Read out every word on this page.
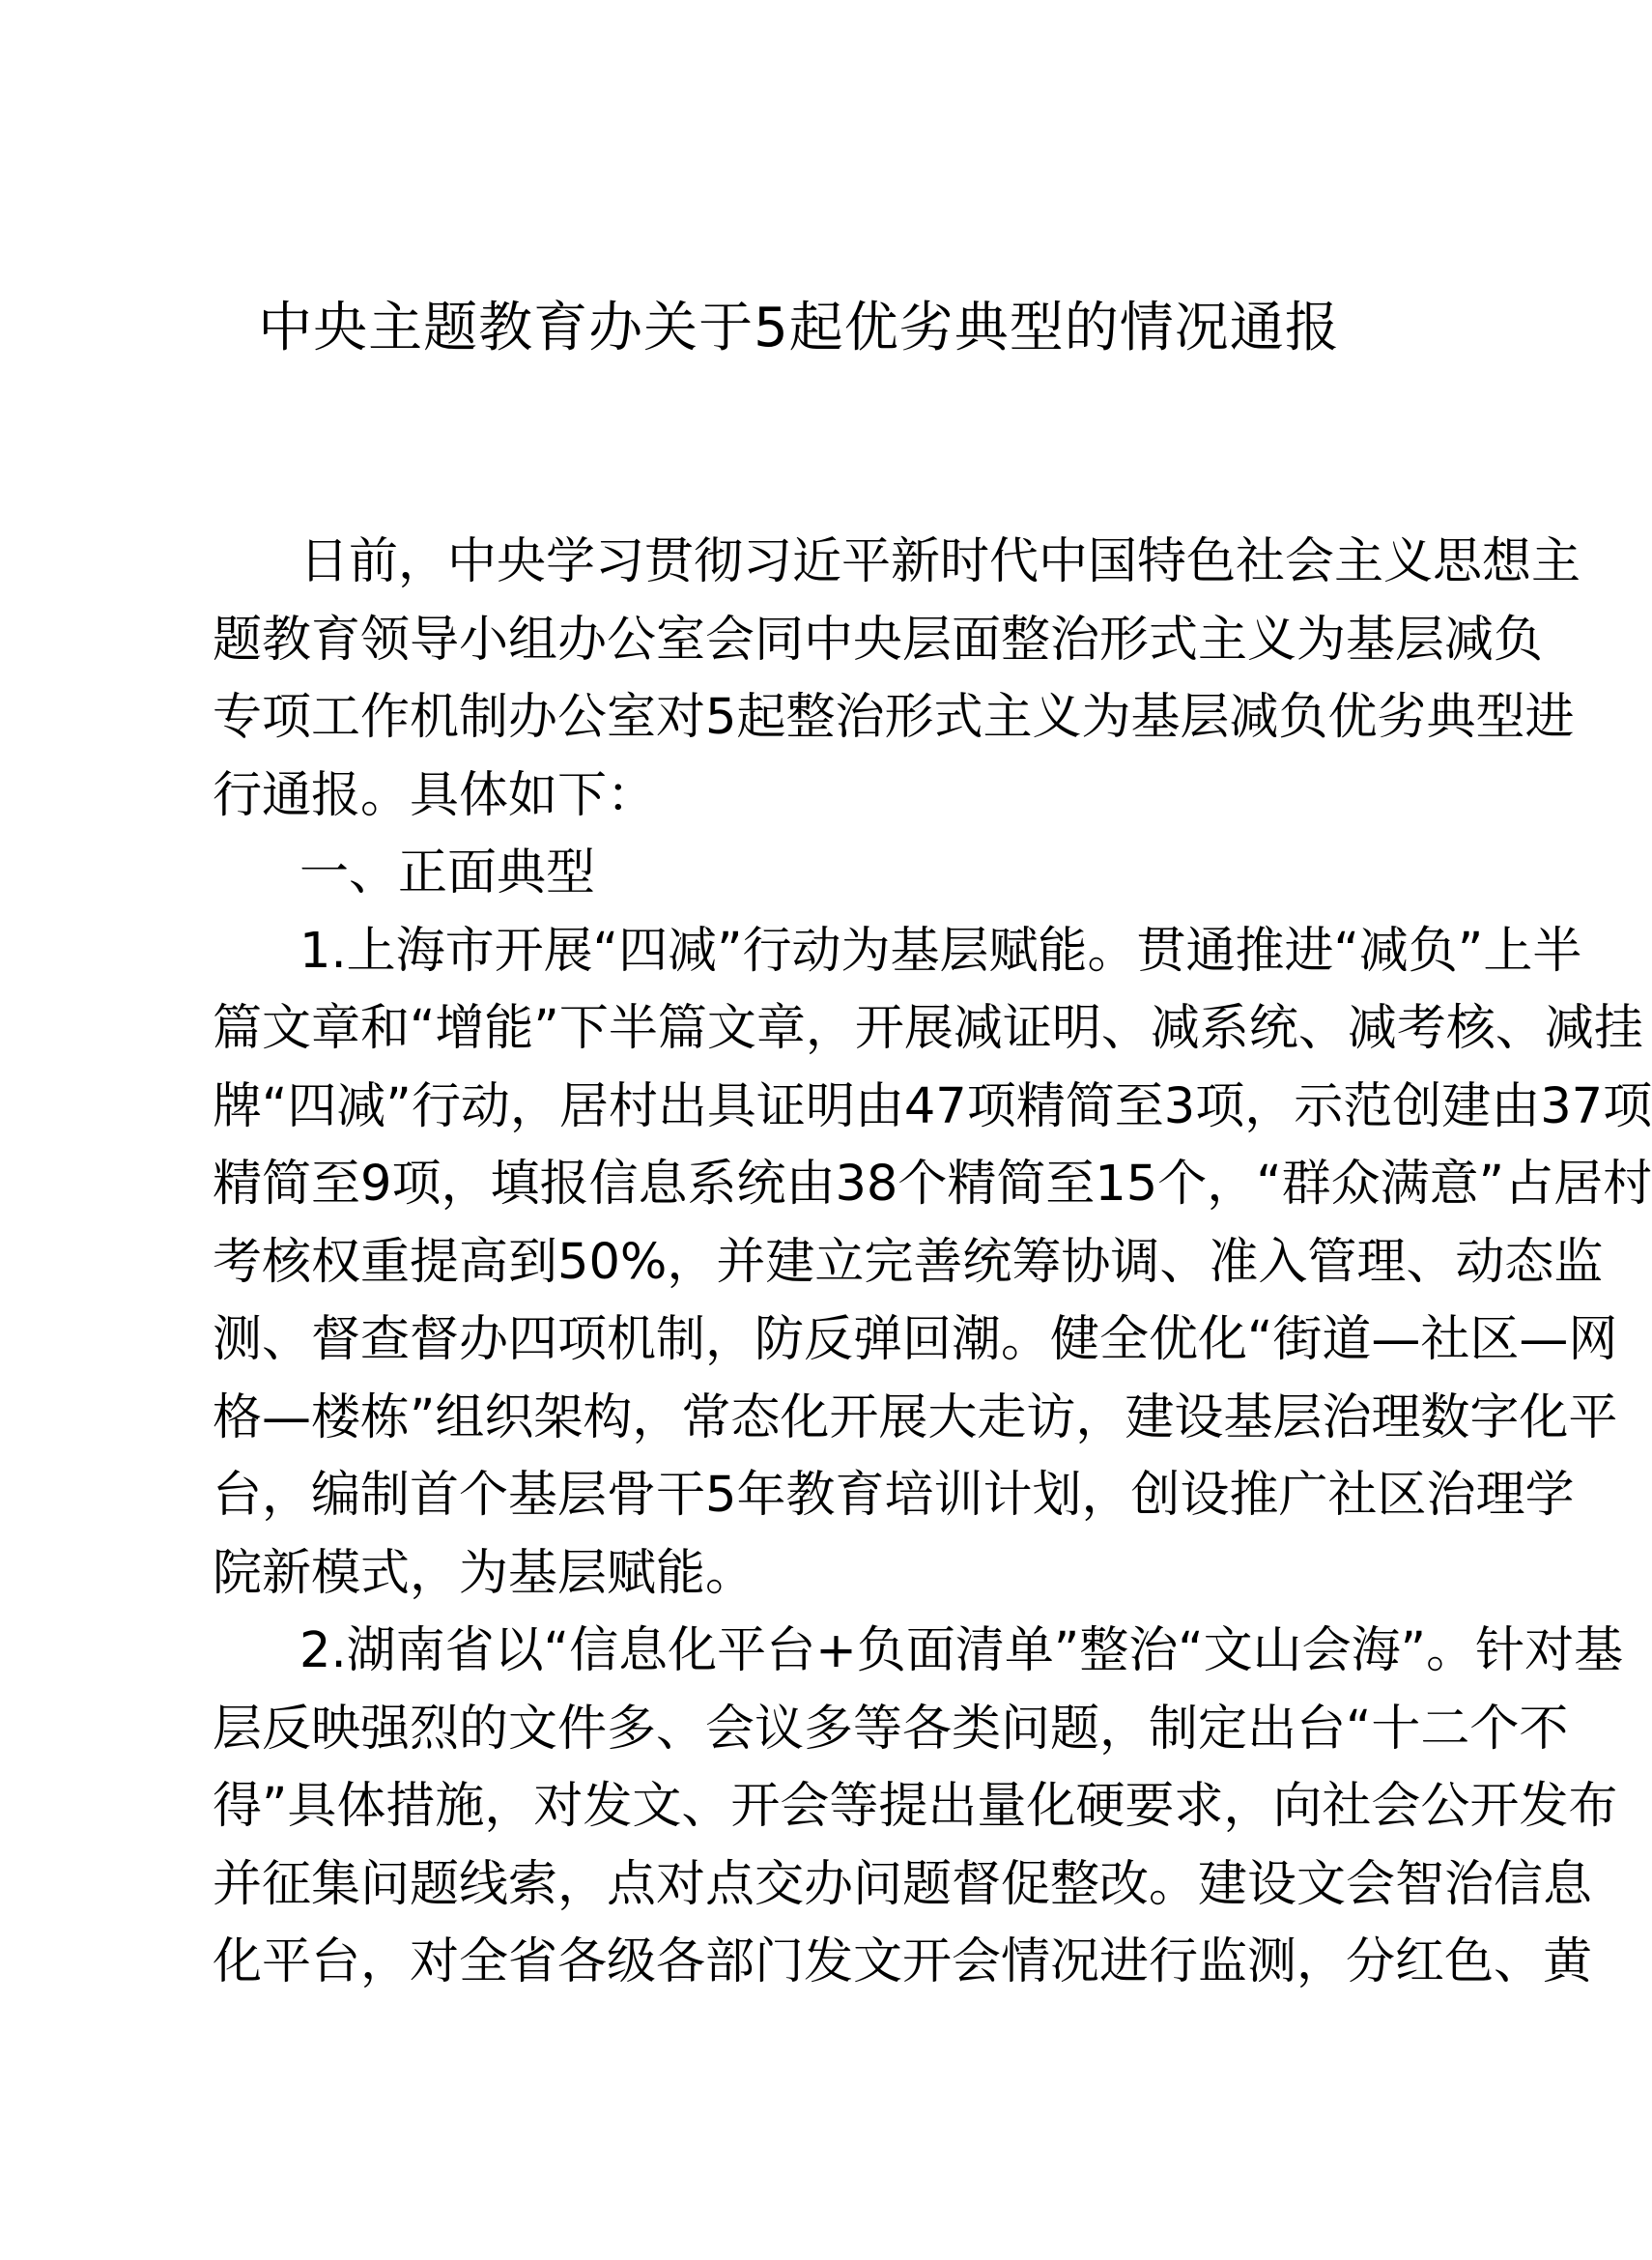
中央主题教育办关于5起优劣典型的情况通报
日前，中央学习贯彻习近平新时代中国特色社会主义思想主
题教育领导小组办公室会同中央层面整治形式主义为基层减负
专项工作机制办公室对5起整治形式主义为基层减负优劣典型进
行通报。具体如下：
一、正面典型
1.上海市开展“四减”行动为基层赋能。贯通推进“减负”上半
篇文章和“增能”下半篇文章，开展减证明、减系统、减考核、减挂
牌“四减”行动，居村出具证明由47项精简至3项，示范创建由37项
精简至9项，填报信息系统由38个精简至15个，“群众满意”占居村
考核权重提高到50%，并建立完善统筹协调、准入管理、动态监
测、督查督办四项机制，防反弹回潮。健全优化“街道—社区—网
格—楼栋”组织架构，常态化开展大走访，建设基层治理数字化平
台，编制首个基层骨干5年教育培训计划，创设推广社区治理学
院新模式，为基层赋能。
2.湖南省以“信息化平台+负面清单”整治“文山会海”。针对基
层反映强烈的文件多、会议多等各类问题，制定出台“十二个不
得”具体措施，对发文、开会等提出量化硬要求，向社会公开发布
并征集问题线索，点对点交办问题督促整改。建设文会智治信息
化平台，对全省各级各部门发文开会情况进行监测，分红色、黄
